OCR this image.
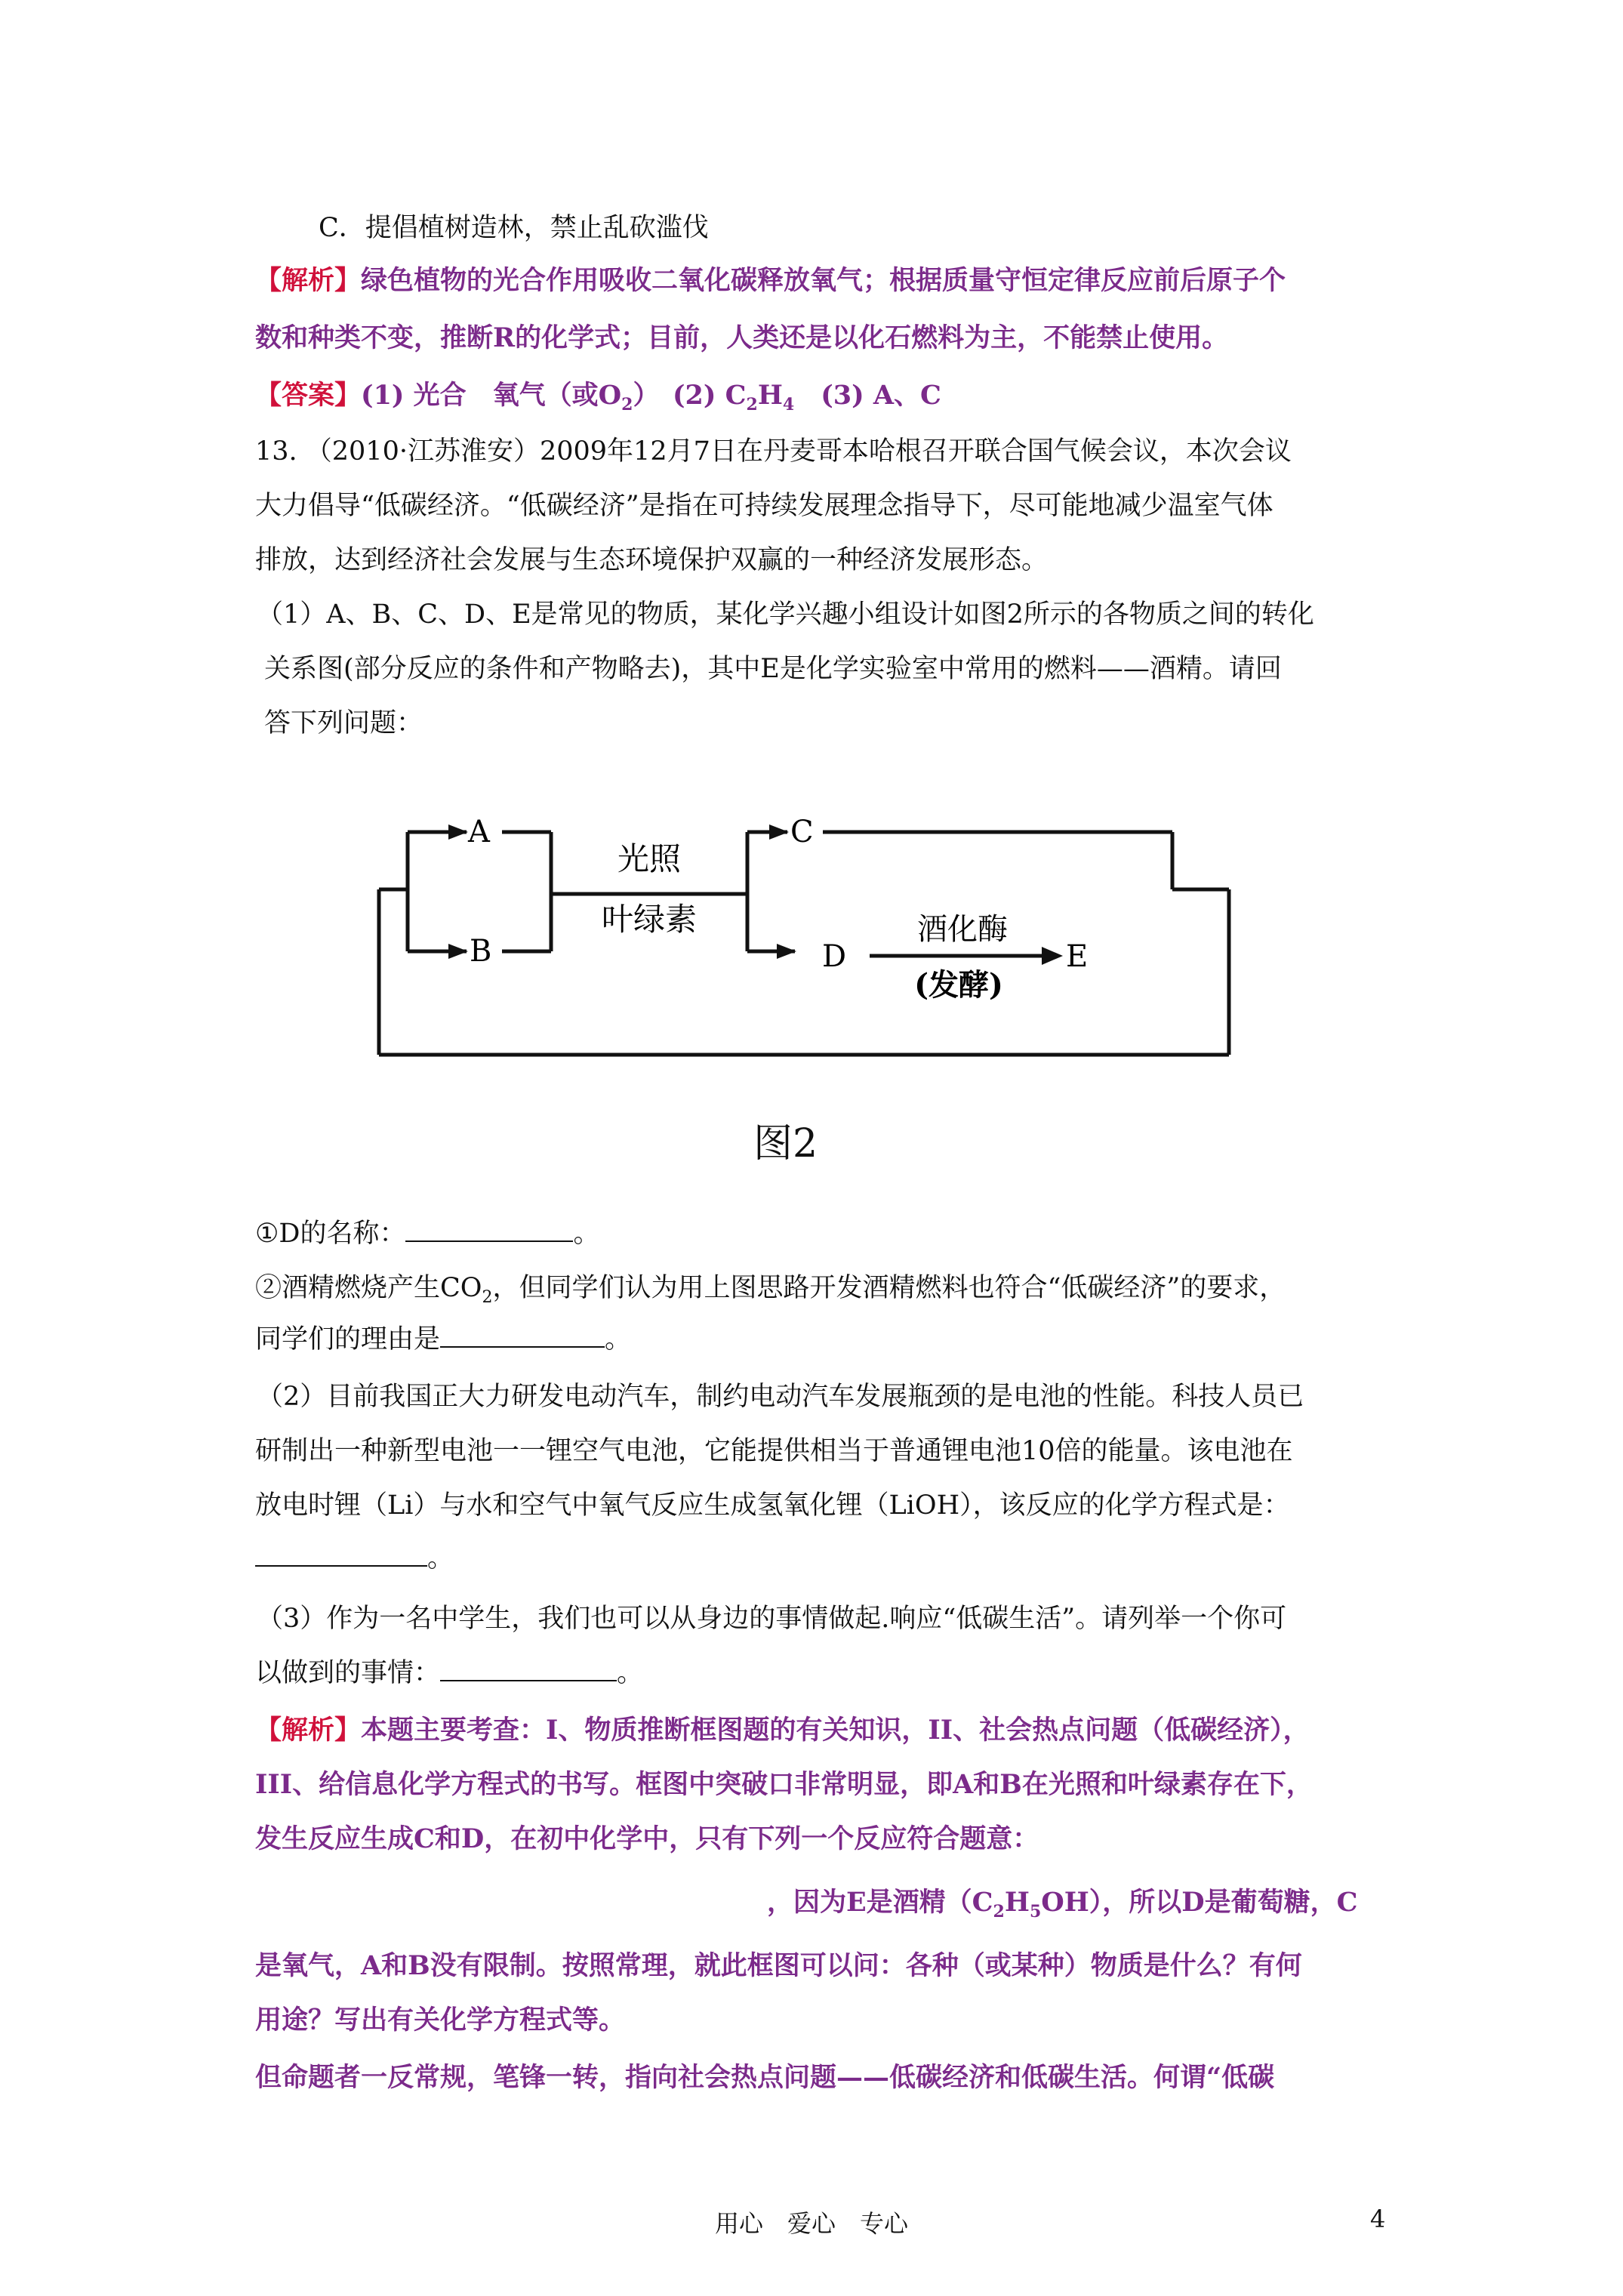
C．提倡植树造林，禁止乱砍滥伐
【解析】绿色植物的光合作用吸收二氧化碳释放氧气；根据质量守恒定律反应前后原子个
数和种类不变，推断R的化学式；目前，人类还是以化石燃料为主，不能禁止使用。
【答案】(1) 光合　氧气（或$O_2$）　(2) $C_2H_4$　(3) A、C
13. （2010·江苏淮安）2009年12月7日在丹麦哥本哈根召开联合国气候会议，本次会议
大力倡导“低碳经济。“低碳经济”是指在可持续发展理念指导下，尽可能地减少温室气体
排放，达到经济社会发展与生态环境保护双赢的一种经济发展形态。
（1）A、B、C、D、E是常见的物质，某化学兴趣小组设计如图2所示的各物质之间的转化
关系图(部分反应的条件和产物略去)，其中E是化学实验室中常用的燃料——酒精。请回
答下列问题：
A
B
C
D	E
光照
叶绿素	酒化酶
(发酵)
图2
①D的名称：	。
②酒精燃烧产生$CO_2$，但同学们认为用上图思路开发酒精燃料也符合“低碳经济”的要求，
同学们的理由是	。
（2）目前我国正大力研发电动汽车，制约电动汽车发展瓶颈的是电池的性能。科技人员已
研制出一种新型电池一一锂空气电池，它能提供相当于普通锂电池10倍的能量。该电池在
放电时锂（Li）与水和空气中氧气反应生成氢氧化锂（LiOH），该反应的化学方程式是：
。
（3）作为一名中学生，我们也可以从身边的事情做起.响应“低碳生活”。请列举一个你可
以做到的事情：	。
【解析】本题主要考查：I、物质推断框图题的有关知识，II、社会热点问题（低碳经济），
III、给信息化学方程式的书写。框图中突破口非常明显，即A和B在光照和叶绿素存在下，
发生反应生成C和D，在初中化学中，只有下列一个反应符合题意：
，因为E是酒精$(C_2H_5OH)$，所以D是葡萄糖，C
是氧气，A和B没有限制。按照常理，就此框图可以问：各种（或某种）物质是什么？有何
用途？写出有关化学方程式等。
但命题者一反常规，笔锋一转，指向社会热点问题——低碳经济和低碳生活。何谓“低碳
用心　爱心　专心	4
